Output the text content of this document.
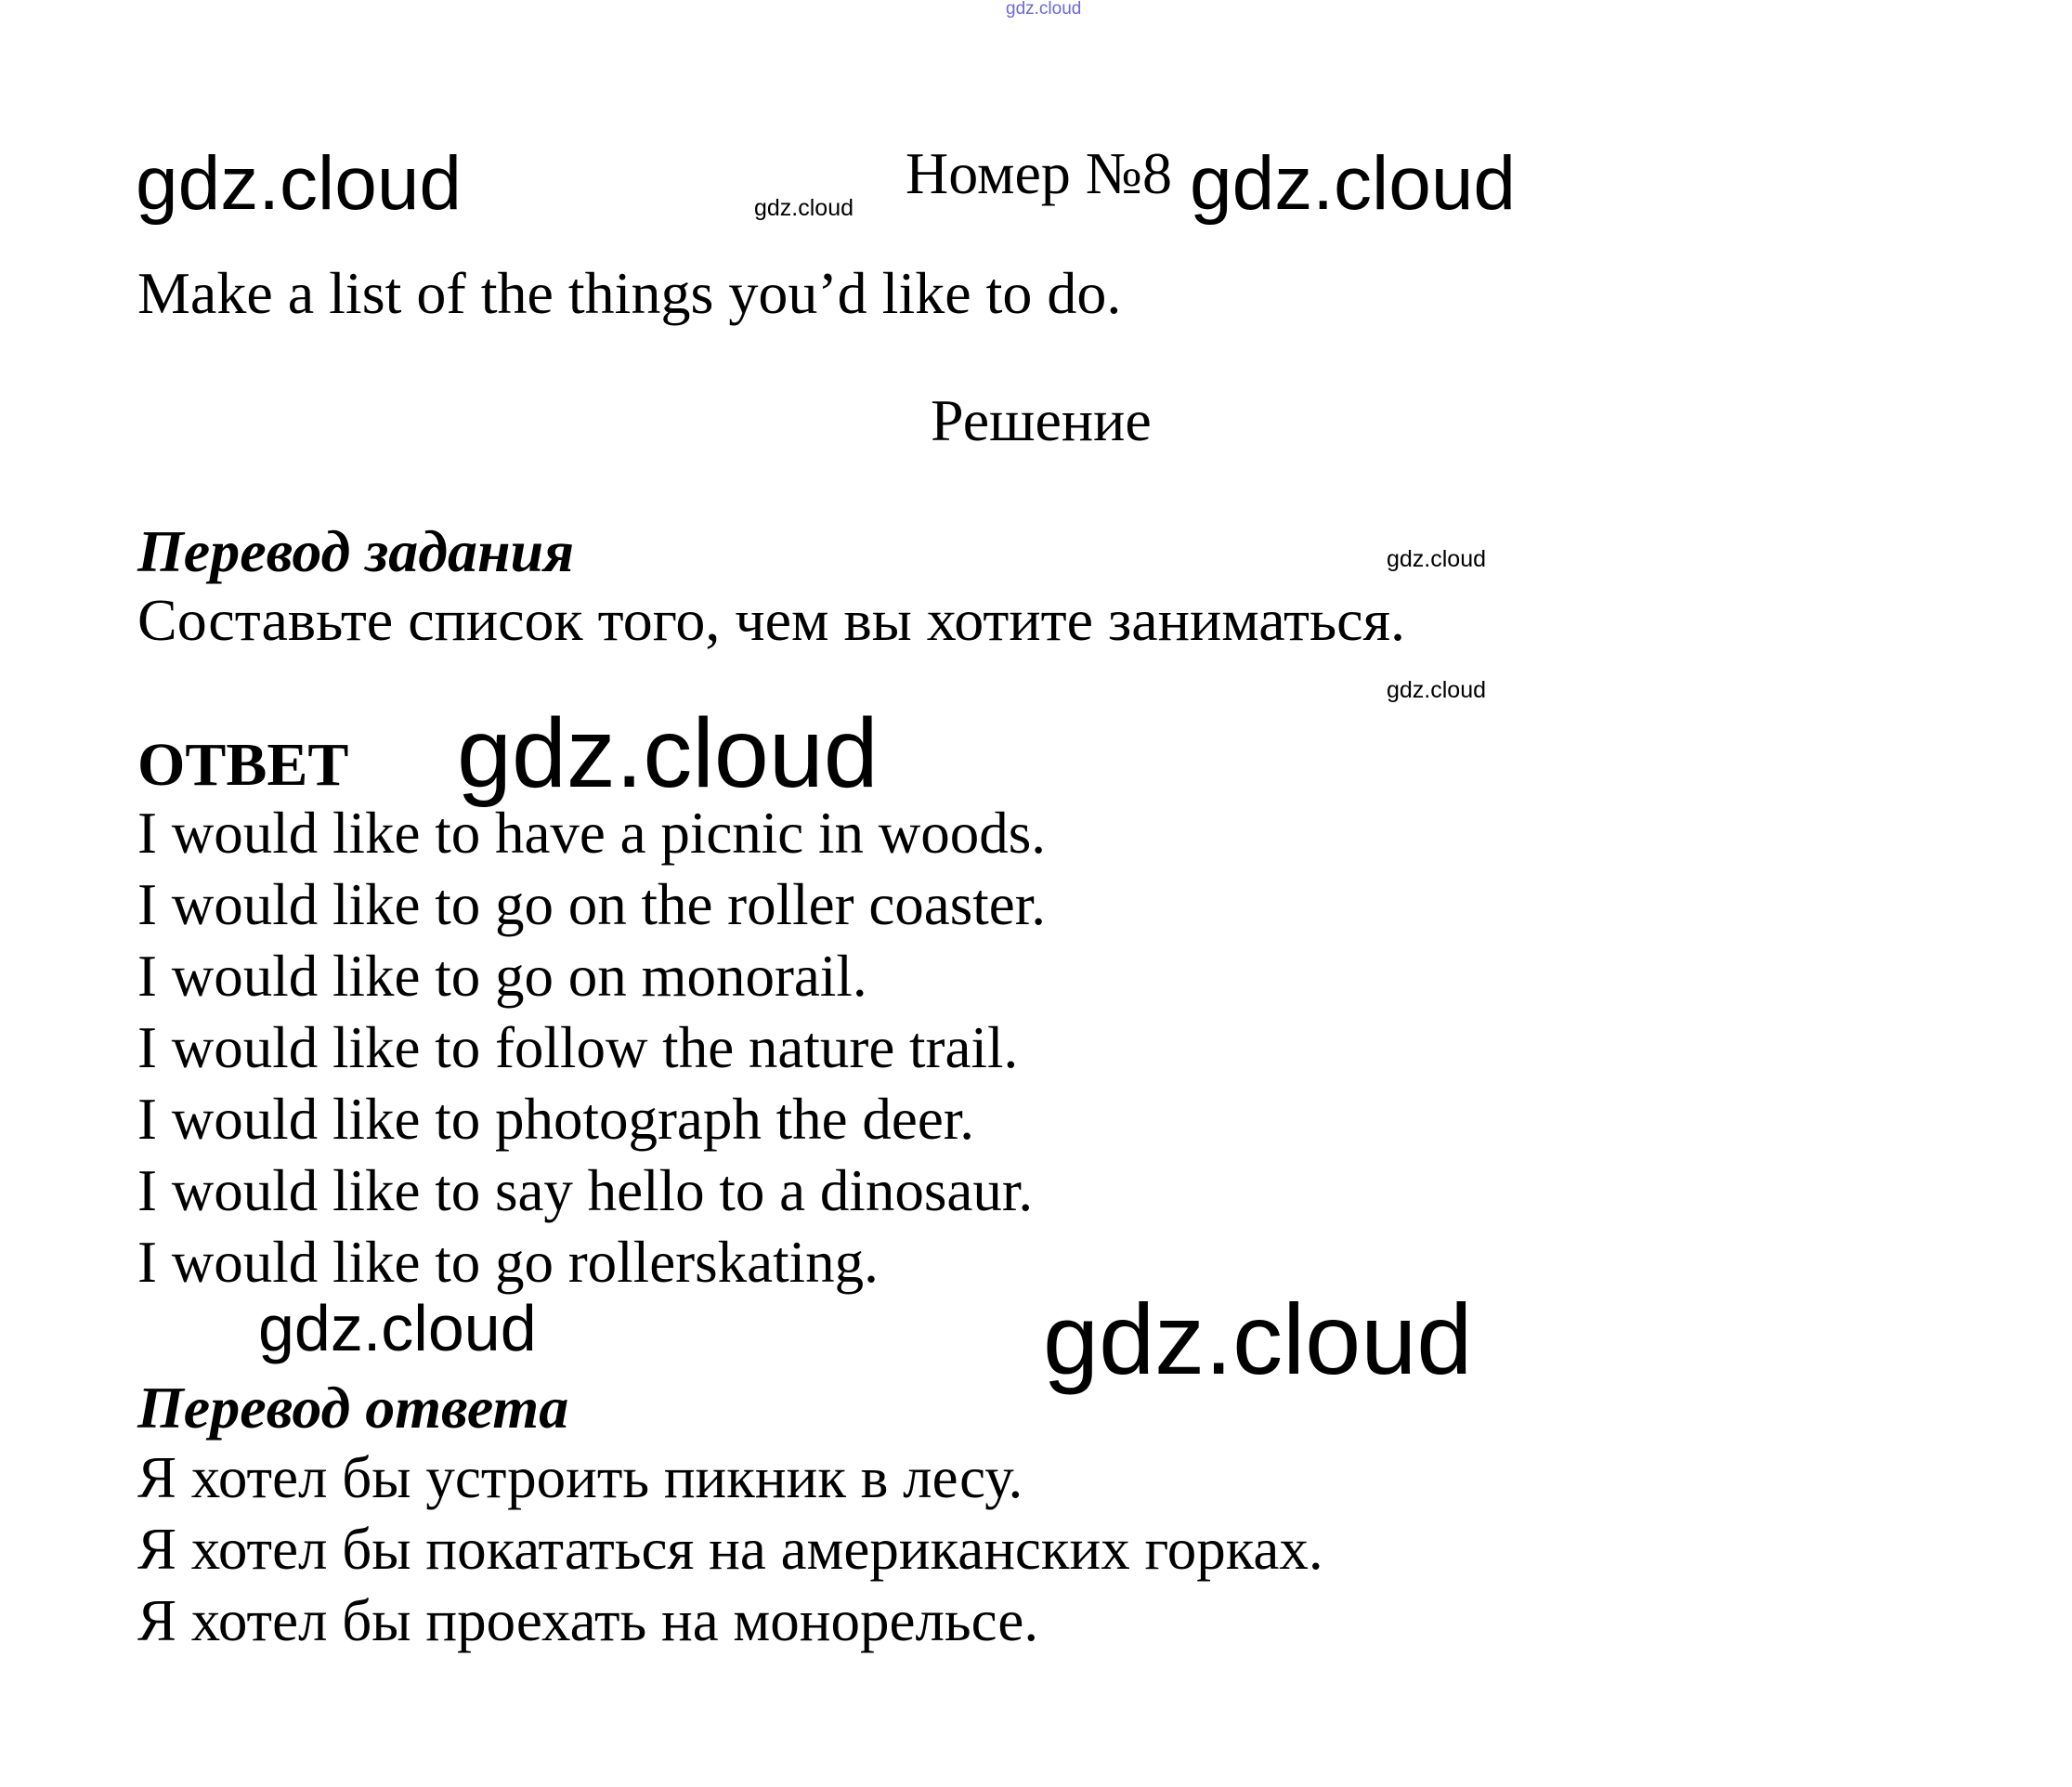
gdz.cloud
gdz.cloud	gdz.cloud
Номер №8 gdz.cloud
Make a list of the things you’d like to do.
Решение
Перевод задания	gdz.cloud
Составьте список того, чем вы хотите заниматься.
gdz.cloud
ОТВЕТ gdz.cloud
I would like to have a picnic in woods.
I would like to go on the roller coaster.
I would like to go on monorail.
I would like to follow the nature trail.
I would like to photograph the deer.
I would like to say hello to a dinosaur.
I would like to go rollerskating.
gdz.cloud	gdz.cloud
Перевод ответа
Я хотел бы устроить пикник в лесу.
Я хотел бы покататься на американских горках.
Я хотел бы проехать на монорельсе.
